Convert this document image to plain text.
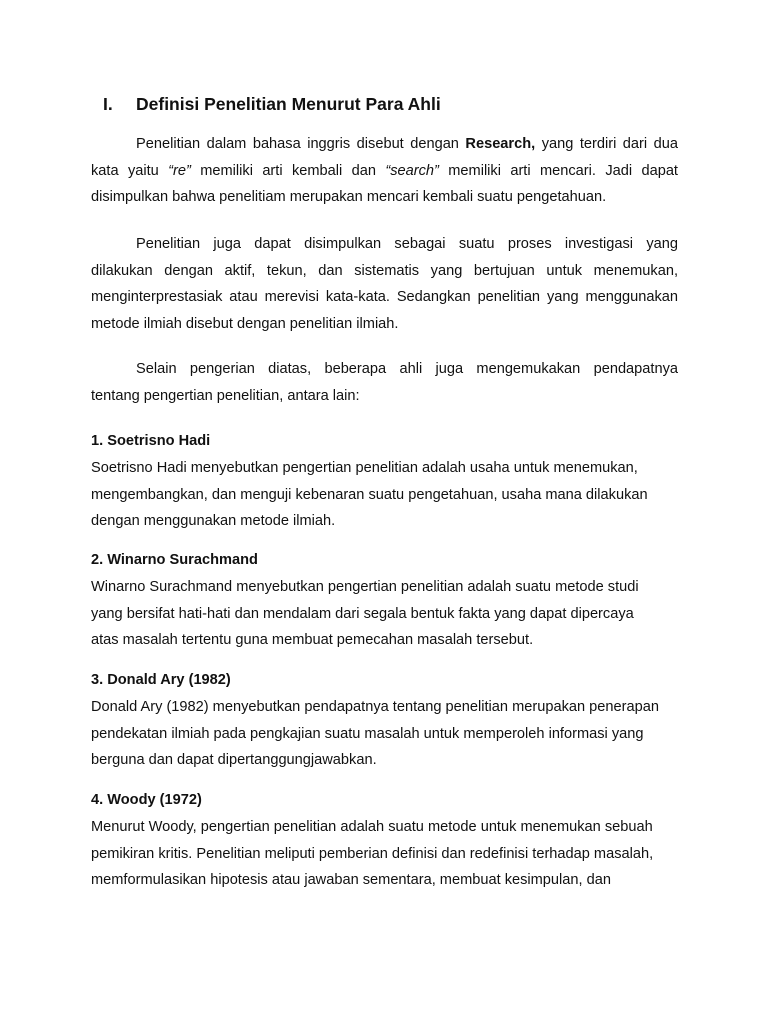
I. Definisi Penelitian Menurut Para Ahli
Penelitian dalam bahasa inggris disebut dengan Research, yang terdiri dari dua
kata yaitu “re” memiliki arti kembali dan “search” memiliki arti mencari. Jadi dapat
disimpulkan bahwa penelitiam merupakan mencari kembali suatu pengetahuan.
Penelitian juga dapat disimpulkan sebagai suatu proses investigasi yang
dilakukan dengan aktif, tekun, dan sistematis yang bertujuan untuk menemukan,
menginterprestasiak atau merevisi kata-kata. Sedangkan penelitian yang menggunakan
metode ilmiah disebut dengan penelitian ilmiah.
Selain pengerian diatas, beberapa ahli juga mengemukakan pendapatnya
tentang pengertian penelitian, antara lain:
1. Soetrisno Hadi
Soetrisno Hadi menyebutkan pengertian penelitian adalah usaha untuk menemukan,
mengembangkan, dan menguji kebenaran suatu pengetahuan, usaha mana dilakukan
dengan menggunakan metode ilmiah.
2. Winarno Surachmand
Winarno Surachmand menyebutkan pengertian penelitian adalah suatu metode studi
yang bersifat hati-hati dan mendalam dari segala bentuk fakta yang dapat dipercaya
atas masalah tertentu guna membuat pemecahan masalah tersebut.
3. Donald Ary (1982)
Donald Ary (1982) menyebutkan pendapatnya tentang penelitian merupakan penerapan
pendekatan ilmiah pada pengkajian suatu masalah untuk memperoleh informasi yang
berguna dan dapat dipertanggungjawabkan.
4. Woody (1972)
Menurut Woody, pengertian penelitian adalah suatu metode untuk menemukan sebuah
pemikiran kritis. Penelitian meliputi pemberian definisi dan redefinisi terhadap masalah,
memformulasikan hipotesis atau jawaban sementara, membuat kesimpulan, dan
